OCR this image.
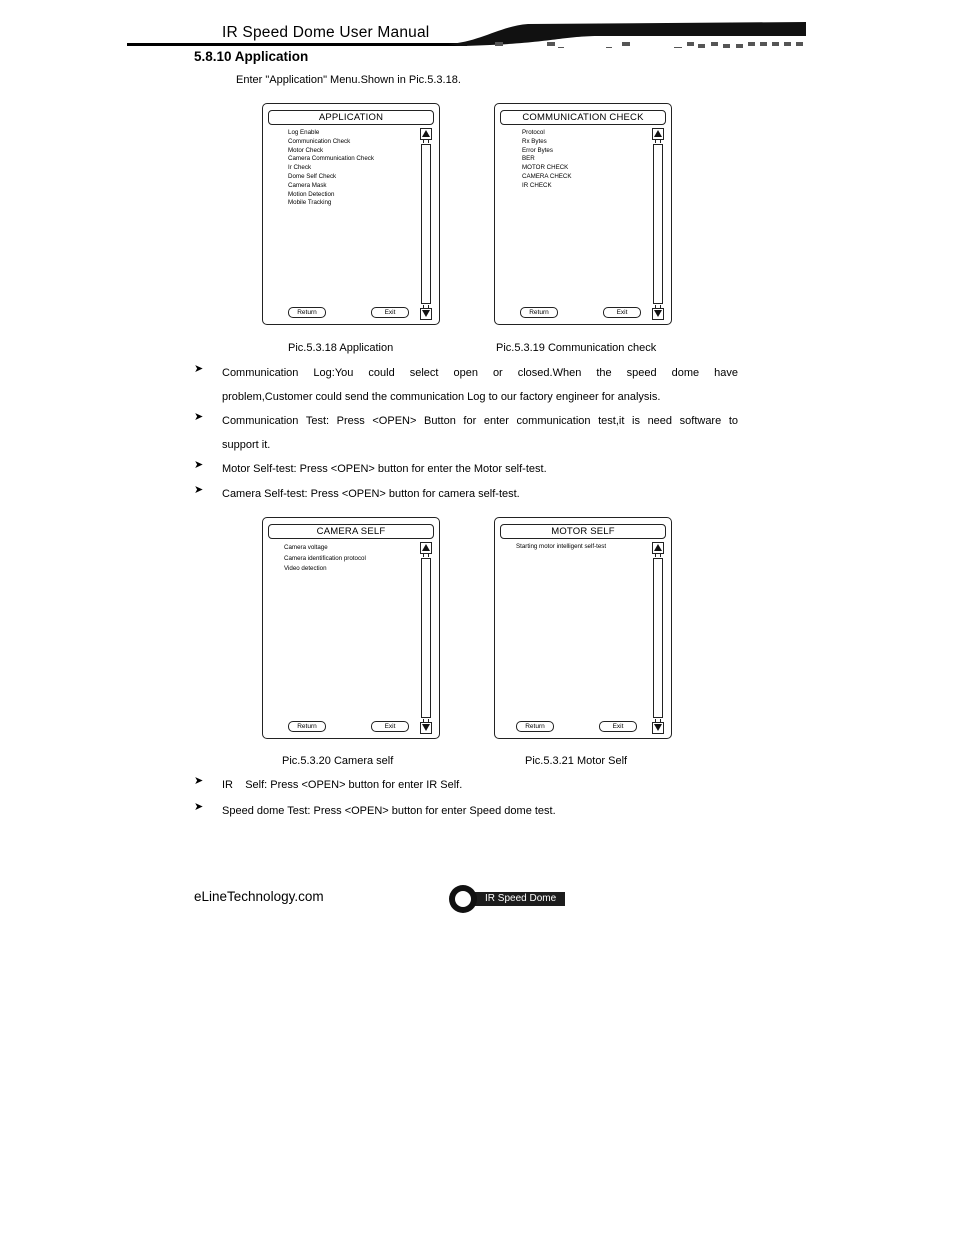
IR Speed Dome User Manual
5.8.10 Application
Enter "Application" Menu.Shown in Pic.5.3.18.
APPLICATION
Log Enable
Communication Check
Motor Check
Camera Communication Check
Ir Check
Dome Self Check
Camera Mask
Motion Detection
Mobile Tracking
Return	Exit
Pic.5.3.18 Application
COMMUNICATION CHECK
Protocol
Rx Bytes
Error Bytes
BER
MOTOR CHECK
CAMERA CHECK
IR CHECK
Return	Exit
Pic.5.3.19 Communication check
➤ Communication Log:You could select open or closed.When the speed dome have
problem,Customer could send the communication Log to our factory engineer for analysis.
➤ Communication Test: Press <OPEN> Button for enter communication test,it is need software to
support it.
➤ Motor Self-test: Press <OPEN> button for enter the Motor self-test.
➤ Camera Self-test: Press <OPEN> button for camera self-test.
CAMERA SELF
Camera voltage
Camera identification protocol
Video detection
Return	Exit
Pic.5.3.20 Camera self
MOTOR SELF
Starting motor intelligent self-test
Return	Exit
Pic.5.3.21 Motor Self
➤ IR    Self: Press <OPEN> button for enter IR Self.
➤ Speed dome Test: Press <OPEN> button for enter Speed dome test.
eLineTechnology.com	IR Speed Dome
